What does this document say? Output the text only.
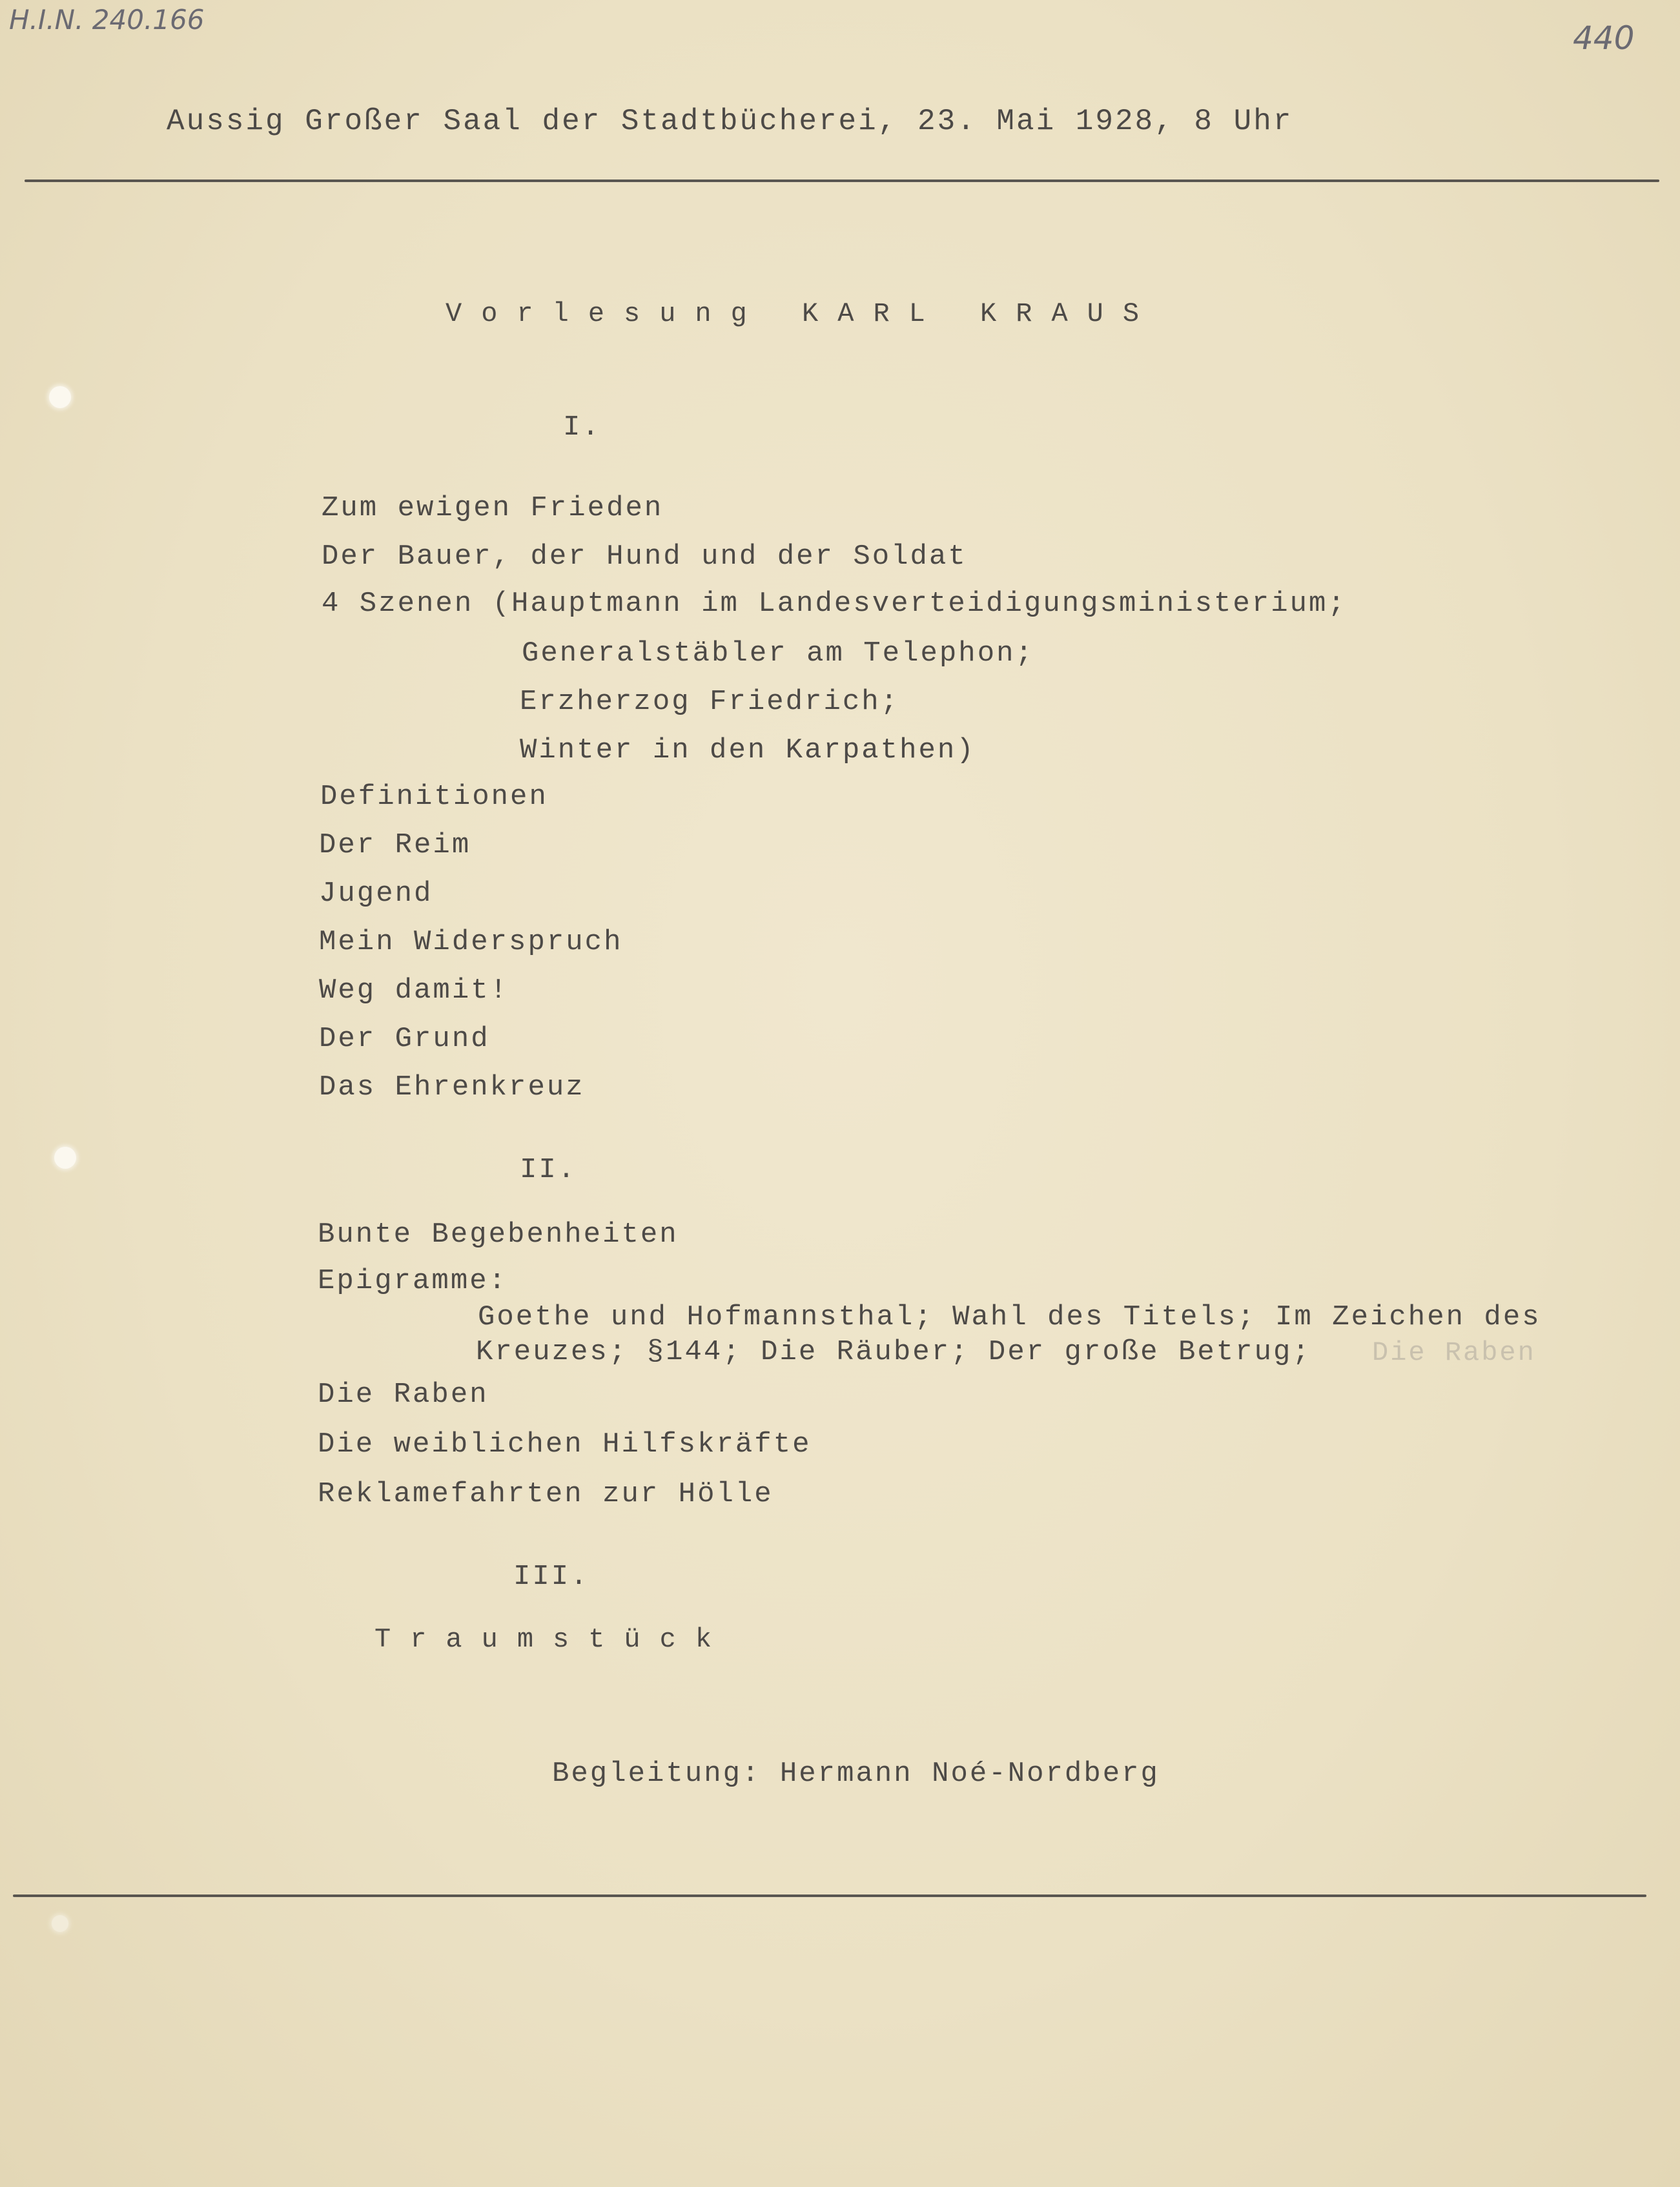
H.I.N. 240.166	440
Aussig Großer Saal der Stadtbücherei, 23. Mai 1928, 8 Uhr
Vorlesung KARL KRAUS
I.
Zum ewigen Frieden
Der Bauer, der Hund und der Soldat
4 Szenen (Hauptmann im Landesverteidigungsministerium;
Generalstäbler am Telephon;
Erzherzog Friedrich;
Winter in den Karpathen)
Definitionen
Der Reim
Jugend
Mein Widerspruch
Weg damit!
Der Grund
Das Ehrenkreuz
II.
Bunte Begebenheiten
Epigramme:
Goethe und Hofmannsthal; Wahl des Titels; Im Zeichen des
Kreuzes; §144; Die Räuber; Der große Betrug; Die Raben
Die Raben
Die weiblichen Hilfskräfte
Reklamefahrten zur Hölle
III.
Traumstück
Begleitung: Hermann Noé-Nordberg
